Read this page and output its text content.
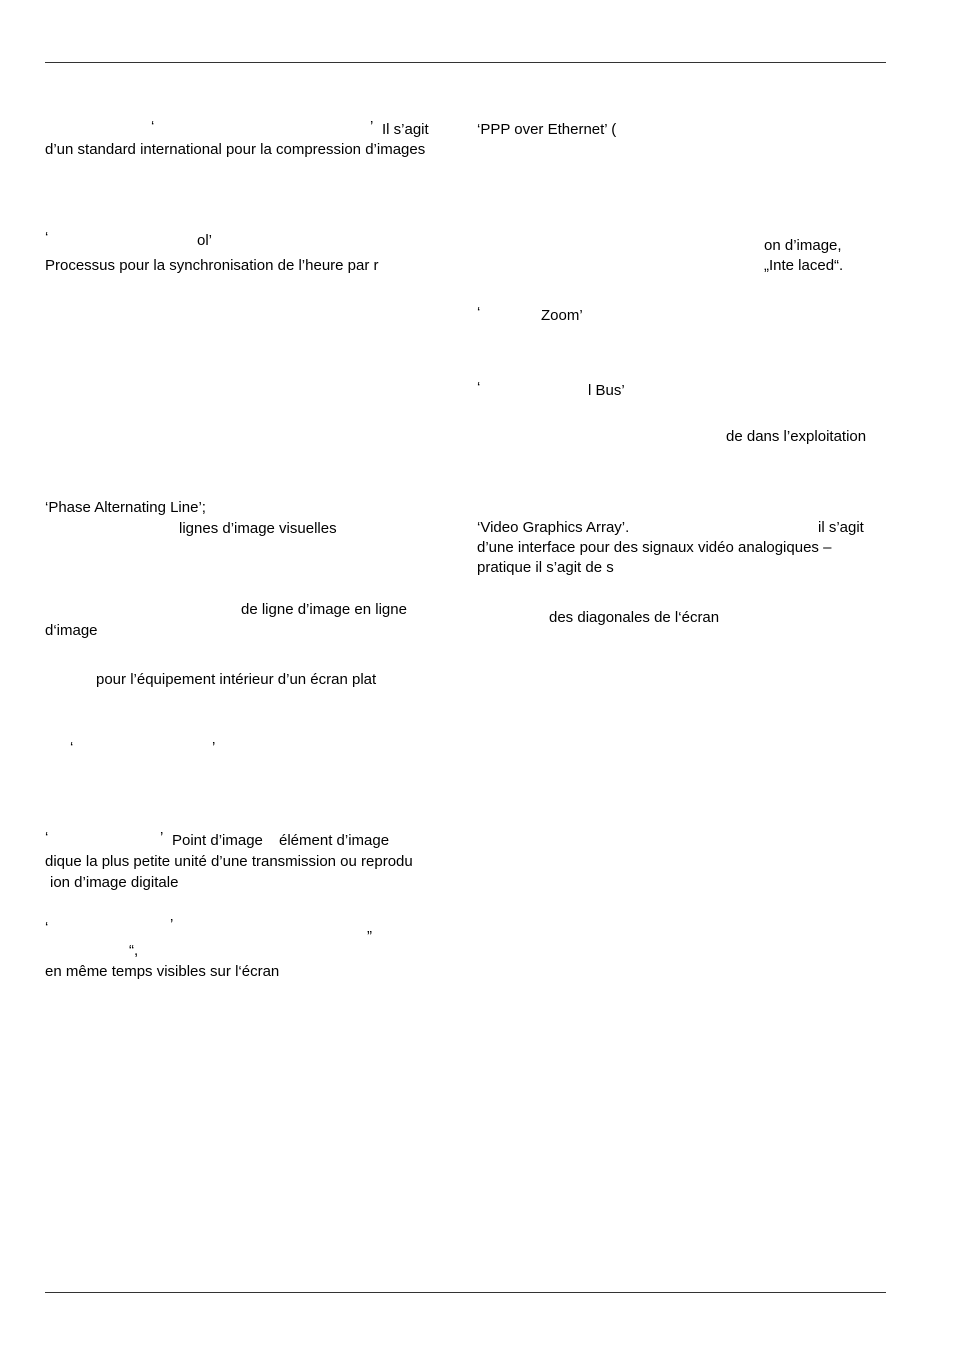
‘	’ Il s’agit
d’un standard international pour la compression d’images
‘	ol’
Processus pour la synchronisation de l’heure par r
‘Phase Alternating Line’;
lignes d’image visuelles
de ligne d’image en ligne
d‘image
pour l’équipement intérieur d’un écran plat
‘	’
‘	’ Point d’image élément d’image
dique la plus petite unité d’une transmission ou reprodu
ion d’image digitale
‘	’
”
“,
en même temps visibles sur l‘écran
‘PPP over Ethernet’ (
on d’image,
„Inte laced“.
‘	Zoom’
‘	l Bus’
de dans l’exploitation
‘Video Graphics Array’.	il s’agit
d’une interface pour des signaux vidéo analogiques –
pratique il s’agit de s
des diagonales de l‘écran
